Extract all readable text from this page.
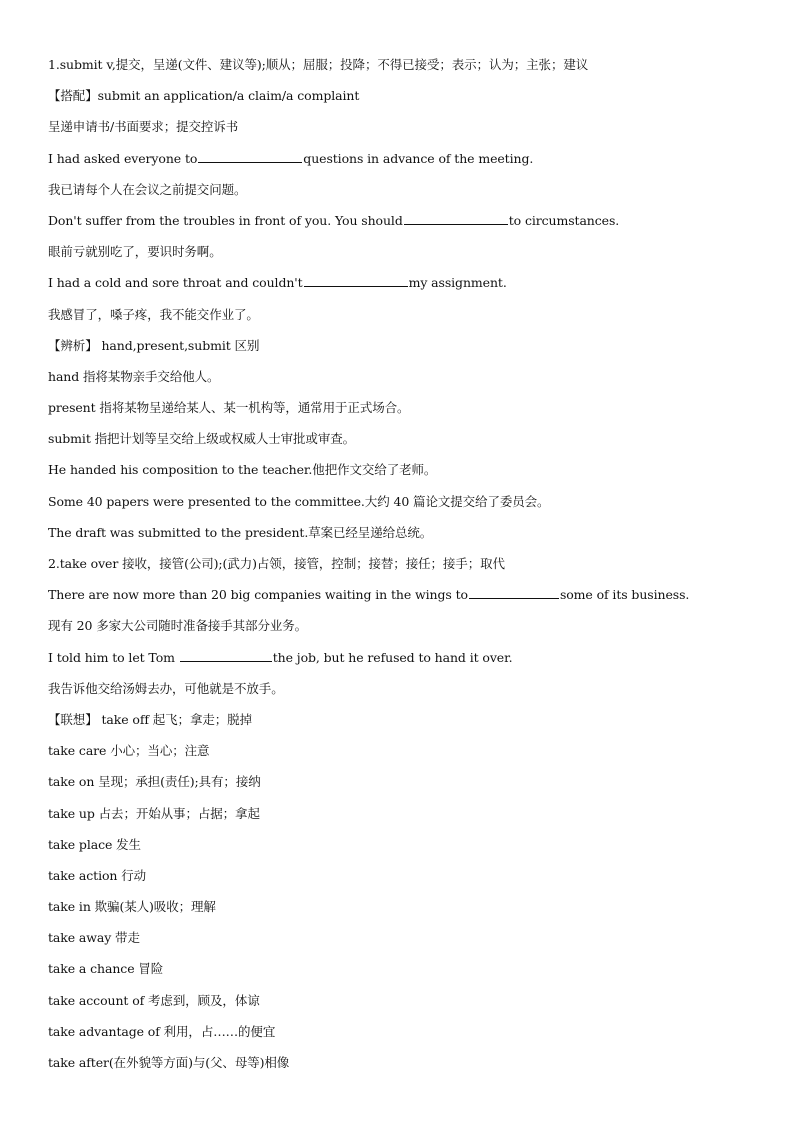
1.submit v,提交，呈递(文件、建议等);顺从；屈服；投降；不得已接受；表示；认为；主张；建议
【搭配】submit an application/a claim/a complaint
呈递申请书/书面要求；提交控诉书
I had asked everyone to	questions in advance of the meeting.
我已请每个人在会议之前提交问题。
Don't suffer from the troubles in front of you. You should	to circumstances.
眼前亏就别吃了，要识时务啊。
I had a cold and sore throat and couldn't	my assignment.
我感冒了，嗓子疼，我不能交作业了。
【辨析】 hand,present,submit 区别
hand 指将某物亲手交给他人。
present 指将某物呈递给某人、某一机构等，通常用于正式场合。
submit 指把计划等呈交给上级或权威人士审批或审查。
He handed his composition to the teacher.他把作文交给了老师。
Some 40 papers were presented to the committee.大约 40 篇论文提交给了委员会。
The draft was submitted to the president.草案已经呈递给总统。
2.take over 接收，接管(公司);(武力)占领，接管，控制；接替；接任；接手；取代
There are now more than 20 big companies waiting in the wings to	some of its business.
现有 20 多家大公司随时准备接手其部分业务。
I told him to let Tom	the job, but he refused to hand it over.
我告诉他交给汤姆去办，可他就是不放手。
【联想】 take off 起飞；拿走；脱掉
take care 小心；当心；注意
take on 呈现；承担(责任);具有；接纳
take up 占去；开始从事；占据；拿起
take place 发生
take action 行动
take in 欺骗(某人)吸收；理解
take away 带走
take a chance 冒险
take account of 考虑到，顾及，体谅
take advantage of 利用，占……的便宜
take after(在外貌等方面)与(父、母等)相像
